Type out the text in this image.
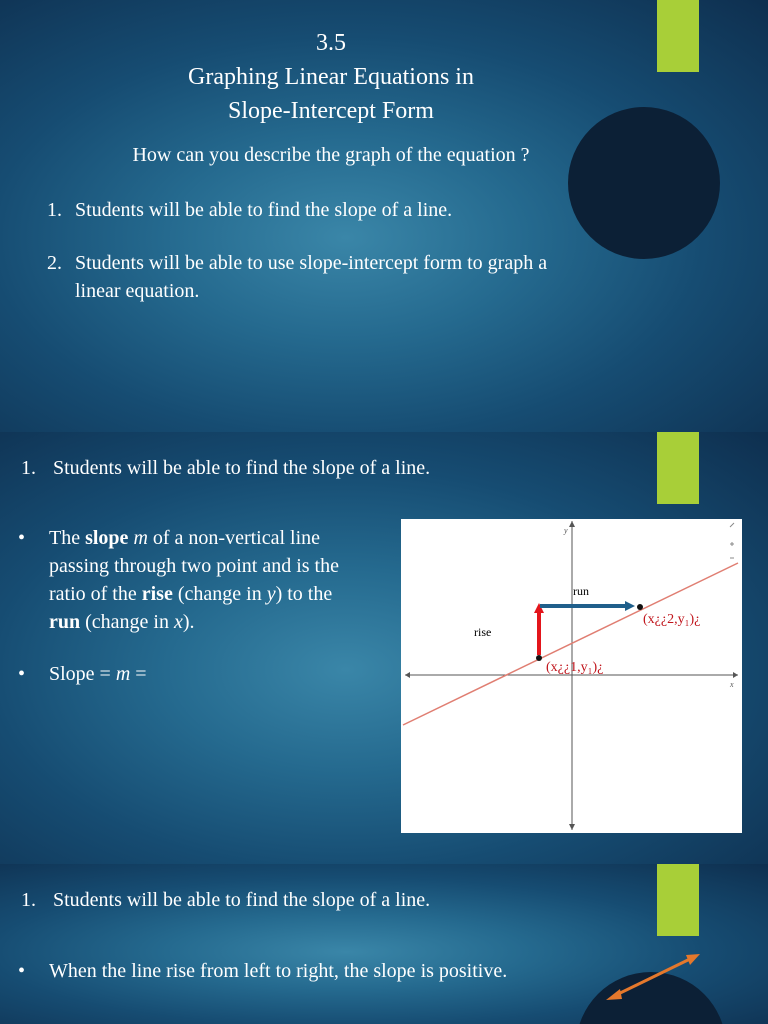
3.5
Graphing Linear Equations in
Slope-Intercept Form
How can you describe the graph of the equation ?
1. Students will be able to find the slope of a line.
2. Students will be able to use slope-intercept form to graph a
linear equation.
1. Students will be able to find the slope of a line.
• The slope m of a non-vertical line
passing through two point and is the
ratio of the rise (change in y) to the
run (change in x).
• Slope = m =	x
y
run
rise
(x¿¿2,y₁)¿
(x¿¿1,y₁)¿
1. Students will be able to find the slope of a line.
• When the line rise from left to right, the slope is positive.
